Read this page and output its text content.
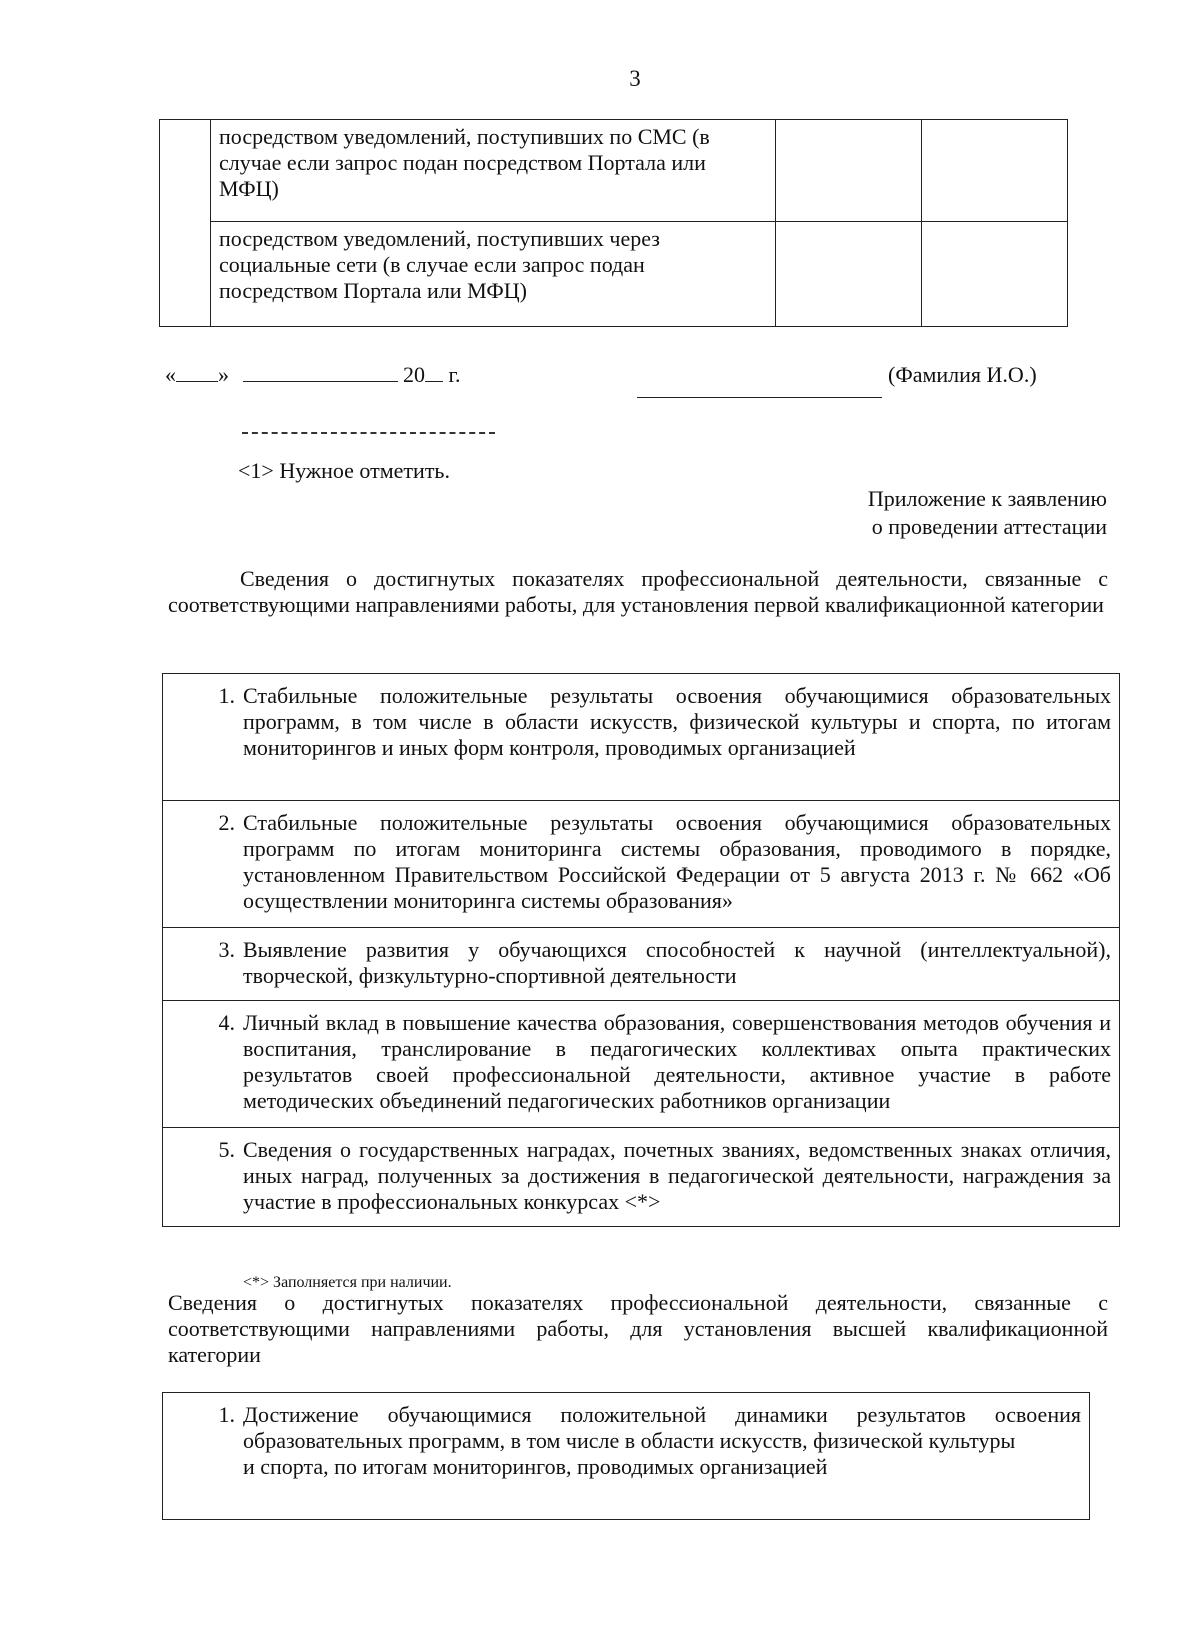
3
	посредством уведомлений, поступивших по СМС (в случае если запрос подан посредством Портала или МФЦ)		
	посредством уведомлений, поступивших через социальные сети (в случае если запрос подан посредством Портала или МФЦ)		
« »	20 г.	(Фамилия И.О.)
<1> Нужное отметить.
Приложение к заявлению
о проведении аттестации
Сведения о достигнутых показателях профессиональной деятельности, связанные с соответствующими направлениями работы, для установления первой квалификационной категории
1. Стабильные положительные результаты освоения обучающимися образовательных программ, в том числе в области искусств, физической культуры и спорта, по итогам мониторингов и иных форм контроля, проводимых организацией

2. Стабильные положительные результаты освоения обучающимися образовательных программ по итогам мониторинга системы образования, проводимого в порядке, установленном Правительством Российской Федерации от 5 августа 2013 г. № 662 «Об осуществлении мониторинга системы образования»

3. Выявление развития у обучающихся способностей к научной (интеллектуальной), творческой, физкультурно-спортивной деятельности

4. Личный вклад в повышение качества образования, совершенствования методов обучения и воспитания, транслирование в педагогических коллективах опыта практических результатов своей профессиональной деятельности, активное участие в работе методических объединений педагогических работников организации

5. Сведения о государственных наградах, почетных званиях, ведомственных знаках отличия, иных наград, полученных за достижения в педагогической деятельности, награждения за участие в профессиональных конкурсах <*>
<*> Заполняется при наличии.
Сведения о достигнутых показателях профессиональной деятельности, связанные с соответствующими направлениями работы, для установления высшей квалификационной категории
1. Достижение обучающимися положительной динамики результатов освоения образовательных программ, в том числе в области искусств, физической культуры
и спорта, по итогам мониторингов, проводимых организацией
